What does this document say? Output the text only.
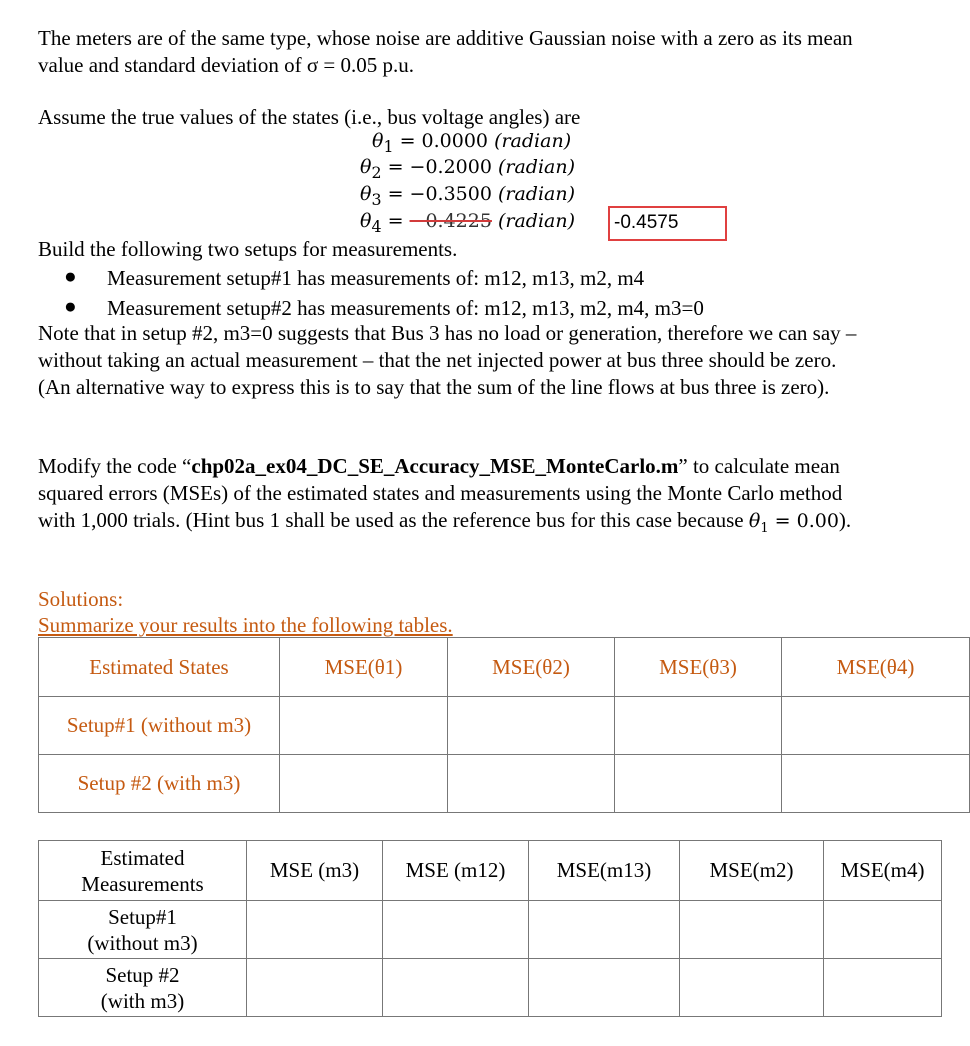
The meters are of the same type, whose noise are additive Gaussian noise with a zero as its mean
value and standard deviation of σ = 0.05 p.u.
Assume the true values of the states (i.e., bus voltage angles) are
$\theta_1 = 0.0000$ (radian)
$\theta_2 = -0.2000$ (radian)
$\theta_3 = -0.3500$ (radian)
$\theta_4 = -0.4225$ (radian)	-0.4575
Build the following two setups for measurements.
● Measurement setup#1 has measurements of: m12, m13, m2, m4
● Measurement setup#2 has measurements of: m12, m13, m2, m4, m3=0
Note that in setup #2, m3=0 suggests that Bus 3 has no load or generation, therefore we can say –
without taking an actual measurement – that the net injected power at bus three should be zero.
(An alternative way to express this is to say that the sum of the line flows at bus three is zero).
Modify the code “chp02a_ex04_DC_SE_Accuracy_MSE_MonteCarlo.m” to calculate mean
squared errors (MSEs) of the estimated states and measurements using the Monte Carlo method
with 1,000 trials. (Hint bus 1 shall be used as the reference bus for this case because $\theta_1 = 0.00$).
Solutions:
Summarize your results into the following tables.
Estimated States	MSE(θ1)	MSE(θ2)	MSE(θ3)	MSE(θ4)
Setup#1 (without m3)				
Setup #2 (with m3)				
Estimated
Measurements	MSE (m3)	MSE (m12)	MSE(m13)	MSE(m2)	MSE(m4)
Setup#1
(without m3)					
Setup #2
(with m3)					
